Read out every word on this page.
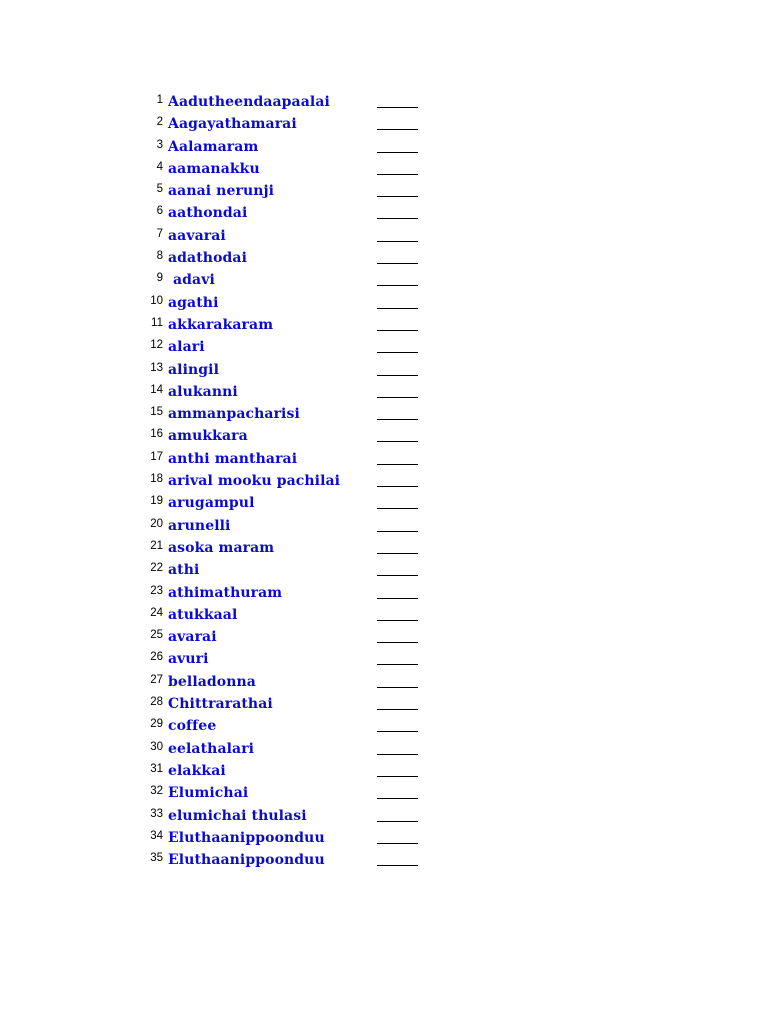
1 Aadutheendaapaalai
2 Aagayathamarai
3 Aalamaram
4 aamanakku
5 aanai nerunji
6 aathondai
7 aavarai
8 adathodai
9 adavi
10 agathi
11 akkarakaram
12 alari
13 alingil
14 alukanni
15 ammanpacharisi
16 amukkara
17 anthi mantharai
18 arival mooku pachilai
19 arugampul
20 arunelli
21 asoka maram
22 athi
23 athimathuram
24 atukkaal
25 avarai
26 avuri
27 belladonna
28 Chittrarathai
29 coffee
30 eelathalari
31 elakkai
32 Elumichai
33 elumichai thulasi
34 Eluthaanippoonduu
35 Eluthaanippoonduu
